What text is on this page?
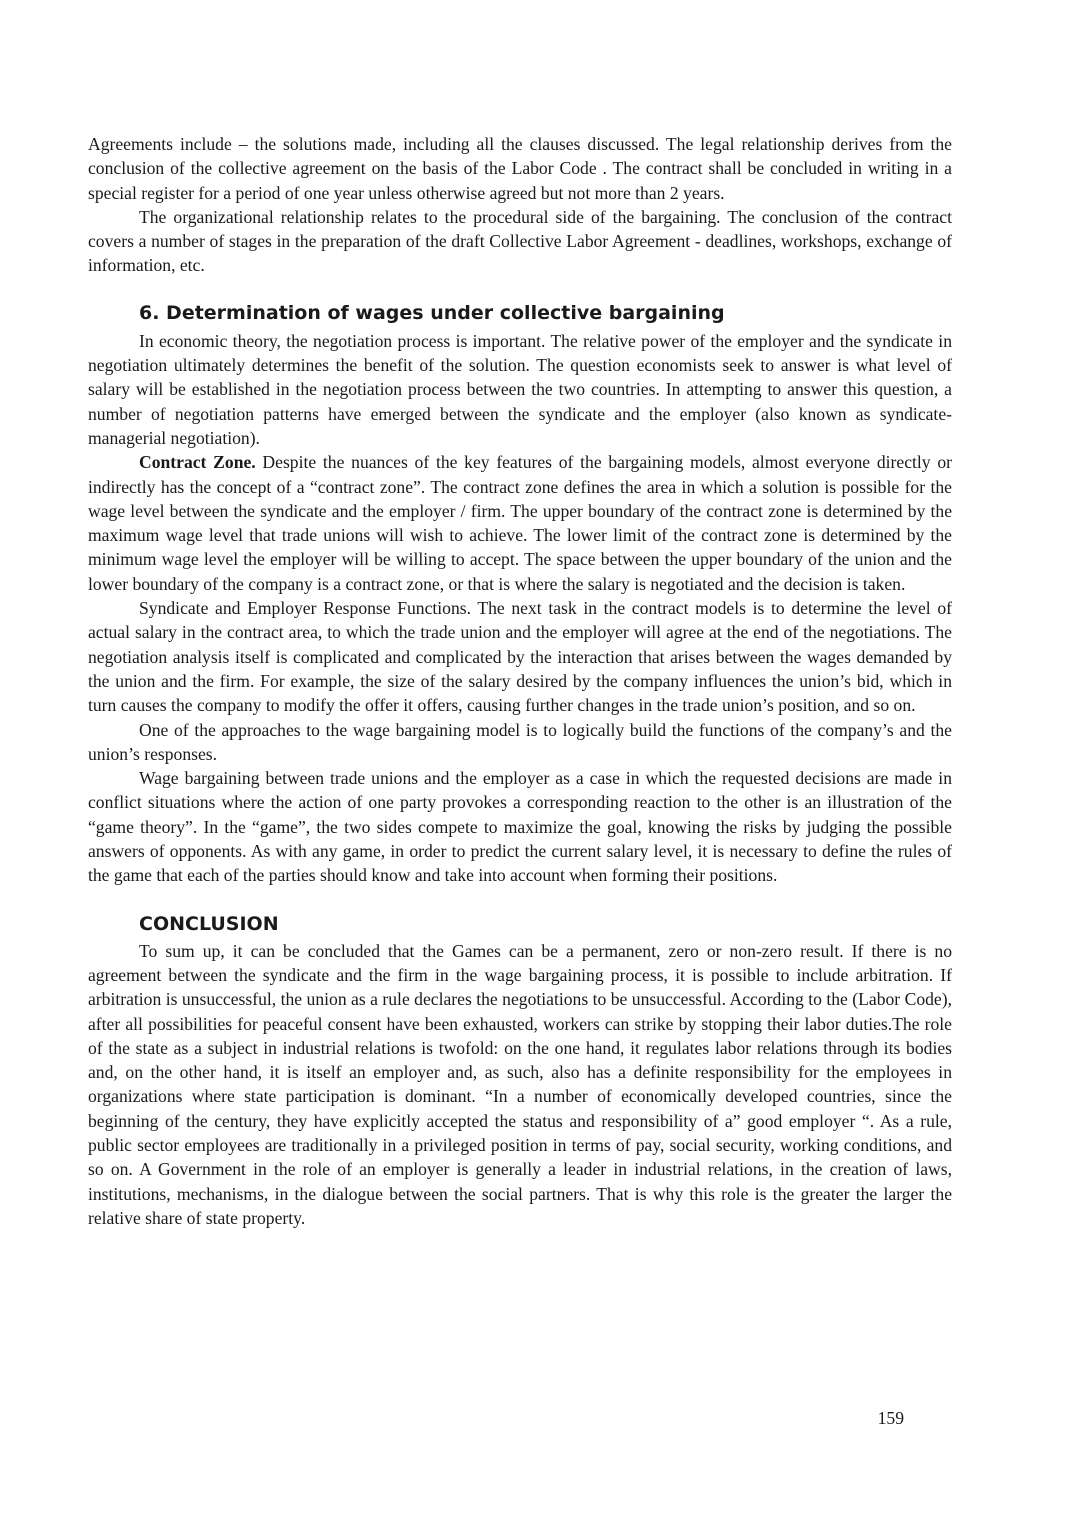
Agreements include – the solutions made, including all the clauses discussed. The legal relationship derives from the conclusion of the collective agreement on the basis of the Labor Code . The contract shall be concluded in writing in a special register for a period of one year unless otherwise agreed but not more than 2 years.

The organizational relationship relates to the procedural side of the bargaining. The conclusion of the contract covers a number of stages in the preparation of the draft Collective Labor Agreement - deadlines, workshops, exchange of information, etc.

6. Determination of wages under collective bargaining

In economic theory, the negotiation process is important. The relative power of the employer and the syndicate in negotiation ultimately determines the benefit of the solution. The question economists seek to answer is what level of salary will be established in the negotiation process between the two countries. In attempting to answer this question, a number of negotiation patterns have emerged between the syndicate and the employer (also known as syndicate-managerial negotiation).

Contract Zone. Despite the nuances of the key features of the bargaining models, almost everyone directly or indirectly has the concept of a “contract zone”. The contract zone defines the area in which a solution is possible for the wage level between the syndicate and the employer / firm. The upper boundary of the contract zone is determined by the maximum wage level that trade unions will wish to achieve. The lower limit of the contract zone is determined by the minimum wage level the employer will be willing to accept. The space between the upper boundary of the union and the lower boundary of the company is a contract zone, or that is where the salary is negotiated and the decision is taken.

Syndicate and Employer Response Functions. The next task in the contract models is to determine the level of actual salary in the contract area, to which the trade union and the employer will agree at the end of the negotiations. The negotiation analysis itself is complicated and complicated by the interaction that arises between the wages demanded by the union and the firm. For example, the size of the salary desired by the company influences the union’s bid, which in turn causes the company to modify the offer it offers, causing further changes in the trade union’s position, and so on.

One of the approaches to the wage bargaining model is to logically build the functions of the company’s and the union’s responses.

Wage bargaining between trade unions and the employer as a case in which the requested decisions are made in conflict situations where the action of one party provokes a corresponding reaction to the other is an illustration of the “game theory”. In the “game”, the two sides compete to maximize the goal, knowing the risks by judging the possible answers of opponents. As with any game, in order to predict the current salary level, it is necessary to define the rules of the game that each of the parties should know and take into account when forming their positions.

CONCLUSION

To sum up, it can be concluded that the Games can be a permanent, zero or non-zero result. If there is no agreement between the syndicate and the firm in the wage bargaining process, it is possible to include arbitration. If arbitration is unsuccessful, the union as a rule declares the negotiations to be unsuccessful. According to the (Labor Code), after all possibilities for peaceful consent have been exhausted, workers can strike by stopping their labor duties.The role of the state as a subject in industrial relations is twofold: on the one hand, it regulates labor relations through its bodies and, on the other hand, it is itself an employer and, as such, also has a definite responsibility for the employees in organizations where state participation is dominant. “In a number of economically developed countries, since the beginning of the century, they have explicitly accepted the status and responsibility of a” good employer “. As a rule, public sector employees are traditionally in a privileged position in terms of pay, social security, working conditions, and so on. A Government in the role of an employer is generally a leader in industrial relations, in the creation of laws, institutions, mechanisms, in the dialogue between the social partners. That is why this role is the greater the larger the relative share of state property.

159
